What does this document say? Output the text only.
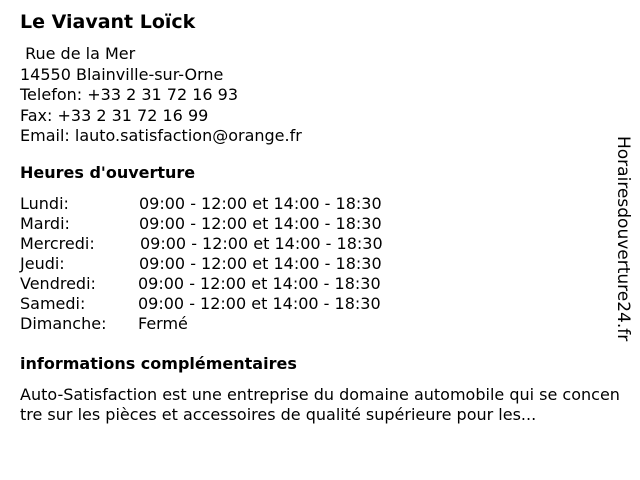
Le Viavant Loïck
Rue de la Mer
14550 Blainville-sur-Orne
Telefon: +33 2 31 72 16 93
Fax: +33 2 31 72 16 99
Email: lauto.satisfaction@orange.fr
Heures d'ouverture
Lundi:	09:00 - 12:00 et 14:00 - 18:30
Mardi:	09:00 - 12:00 et 14:00 - 18:30
Mercredi:	09:00 - 12:00 et 14:00 - 18:30
Jeudi:	09:00 - 12:00 et 14:00 - 18:30
Vendredi:	09:00 - 12:00 et 14:00 - 18:30
Samedi:	09:00 - 12:00 et 14:00 - 18:30
Dimanche: Fermé
informations complémentaires
Auto-Satisfaction est une entreprise du domaine automobile qui se concentre sur les pièces et accessoires de qualité supérieure pour les...
Horairesdouverture24.fr
